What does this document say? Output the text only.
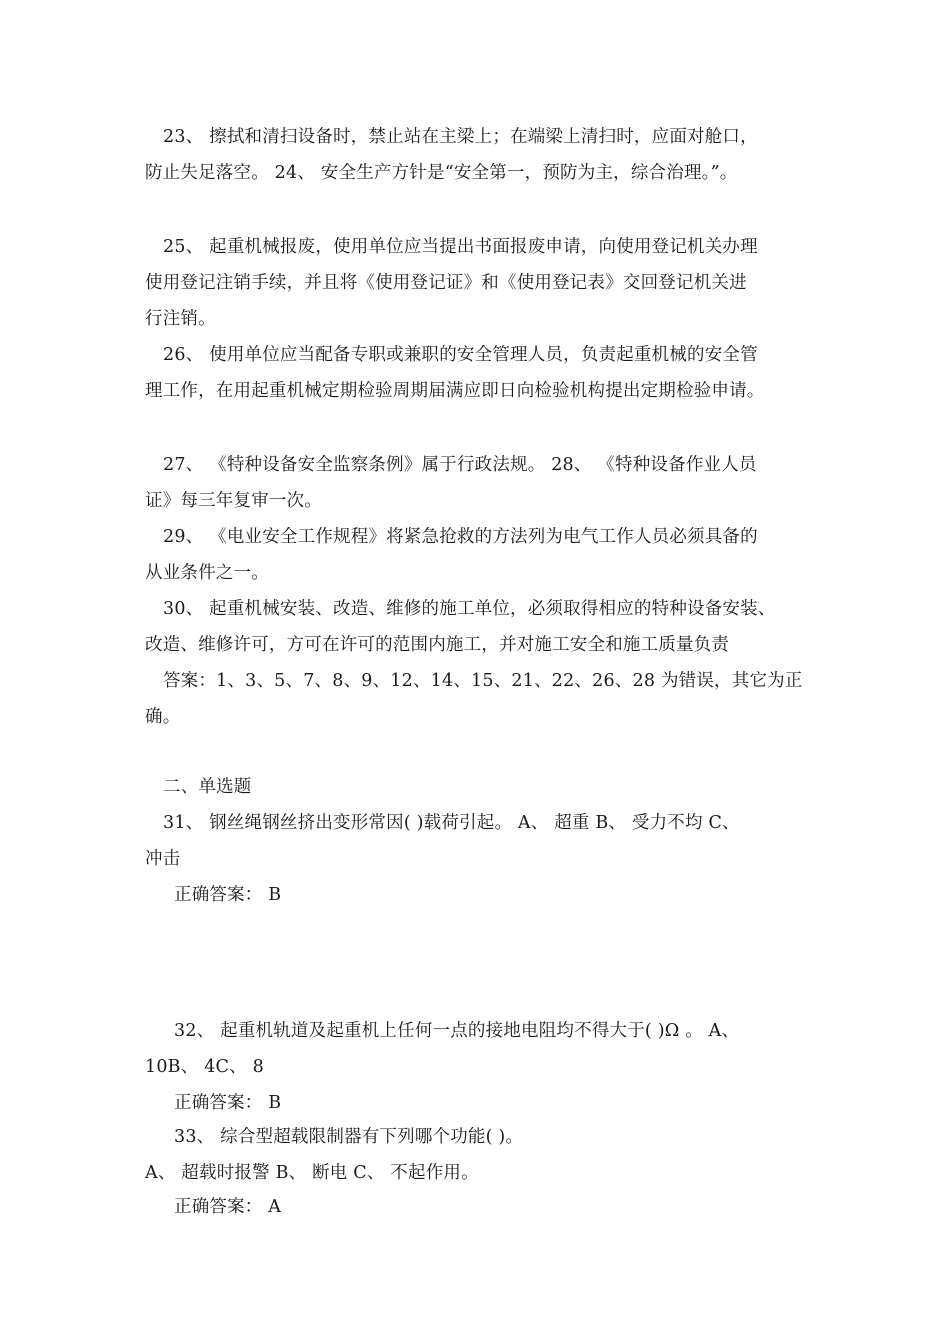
23、 擦拭和清扫设备时，禁止站在主梁上；在端梁上清扫时，应面对舱口，
防止失足落空。 24、 安全生产方针是“安全第一，预防为主，综合治理。”。
25、 起重机械报废，使用单位应当提出书面报废申请，向使用登记机关办理
使用登记注销手续，并且将《使用登记证》和《使用登记表》交回登记机关进
行注销。
26、 使用单位应当配备专职或兼职的安全管理人员，负责起重机械的安全管
理工作，在用起重机械定期检验周期届满应即日向检验机构提出定期检验申请。
27、 《特种设备安全监察条例》属于行政法规。 28、 《特种设备作业人员
证》每三年复审一次。
29、 《电业安全工作规程》将紧急抢救的方法列为电气工作人员必须具备的
从业条件之一。
30、 起重机械安装、改造、维修的施工单位，必须取得相应的特种设备安装、
改造、维修许可，方可在许可的范围内施工，并对施工安全和施工质量负责
答案：1、3、5、7、8、9、12、14、15、21、22、26、28 为错误，其它为正
确。
二、单选题
31、 钢丝绳钢丝挤出变形常因( )载荷引起。 A、 超重 B、 受力不均 C、
冲击
正确答案： B
32、 起重机轨道及起重机上任何一点的接地电阻均不得大于( )Ω 。 A、
10B、 4C、 8
正确答案： B
33、 综合型超载限制器有下列哪个功能( )。
A、 超载时报警 B、 断电 C、 不起作用。
正确答案： A
